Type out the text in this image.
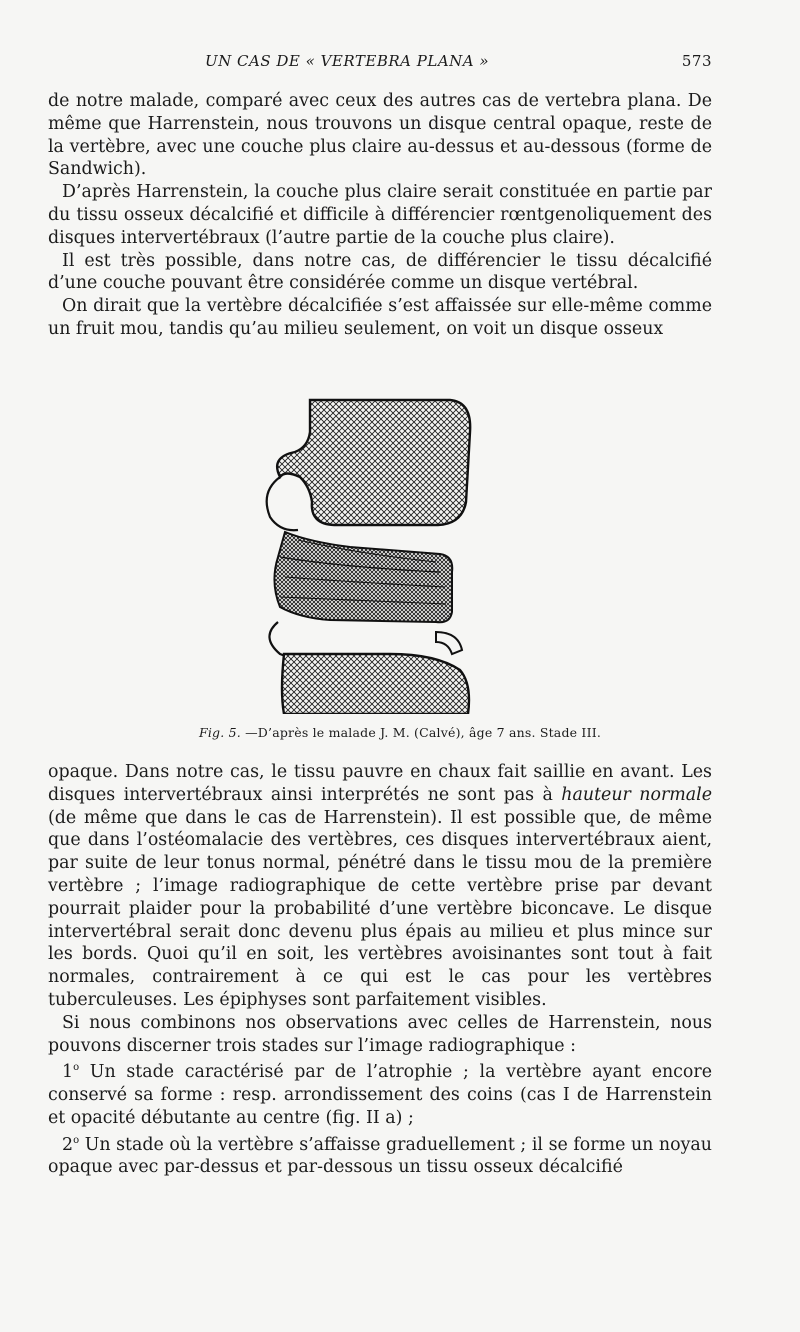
UN CAS DE « VERTEBRA PLANA »	573

de notre malade, comparé avec ceux des autres cas de vertebra plana. De même que Harrenstein, nous trouvons un disque central opaque, reste de la vertèbre, avec une couche plus claire au-dessus et au-dessous (forme de Sandwich).

D’après Harrenstein, la couche plus claire serait constituée en partie par du tissu osseux décalcifié et difficile à différencier rœntgenoliquement des disques intervertébraux (l’autre partie de la couche plus claire).

Il est très possible, dans notre cas, de différencier le tissu décalcifié d’une couche pouvant être considérée comme un disque vertébral.

On dirait que la vertèbre décalcifiée s’est affaissée sur elle-même comme un fruit mou, tandis qu’au milieu seulement, on voit un disque osseux

Fig. 5. —D’après le malade J. M. (Calvé), âge 7 ans. Stade III.

opaque. Dans notre cas, le tissu pauvre en chaux fait saillie en avant. Les disques intervertébraux ainsi interprétés ne sont pas à hauteur normale (de même que dans le cas de Harrenstein). Il est possible que, de même que dans l’ostéomalacie des vertèbres, ces disques intervertébraux aient, par suite de leur tonus normal, pénétré dans le tissu mou de la première vertèbre ; l’image radiographique de cette vertèbre prise par devant pourrait plaider pour la probabilité d’une vertèbre biconcave. Le disque intervertébral serait donc devenu plus épais au milieu et plus mince sur les bords. Quoi qu’il en soit, les vertèbres avoisinantes sont tout à fait normales, contrairement à ce qui est le cas pour les vertèbres tuberculeuses. Les épiphyses sont parfaitement visibles.

Si nous combinons nos observations avec celles de Harrenstein, nous pouvons discerner trois stades sur l’image radiographique :

1$^o$ Un stade caractérisé par de l’atrophie ; la vertèbre ayant encore conservé sa forme : resp. arrondissement des coins (cas I de Harrenstein et opacité débutante au centre (fig. II a) ;

2$^o$ Un stade où la vertèbre s’affaisse graduellement ; il se forme un noyau opaque avec par-dessus et par-dessous un tissu osseux décalcifié
